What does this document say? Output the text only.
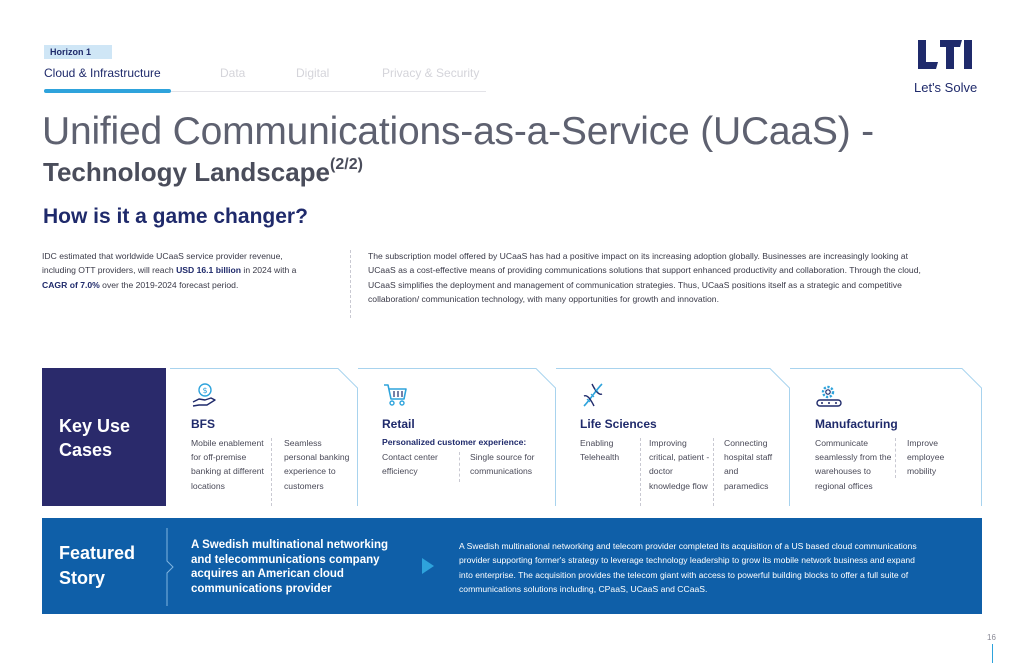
Horizon 1
Cloud & Infrastructure	Data	Digital	Privacy & Security
Let's Solve
Unified Communications-as-a-Service (UCaaS) -
Technology Landscape$^{(2/2)}$
How is it a game changer?
IDC estimated that worldwide UCaaS service provider revenue, including OTT providers, will reach USD 16.1 billion in 2024 with a CAGR of 7.0% over the 2019-2024 forecast period.
The subscription model offered by UCaaS has had a positive impact on its increasing adoption globally. Businesses are increasingly looking at UCaaS as a cost-effective means of providing communications solutions that support enhanced productivity and collaboration. Through the cloud, UCaaS simplifies the deployment and management of communication strategies. Thus, UCaaS positions itself as a strategic and competitive collaboration/ communication technology, with many opportunities for growth and innovation.
Key Use Cases
$
BFS
Mobile enablement for off-premise banking at different locations
Seamless personal banking experience to customers
Retail
Personalized customer experience:
Contact center efficiency
Single source for communications
Life Sciences
Enabling Telehealth
Improving critical, patient - doctor knowledge flow
Connecting hospital staff and paramedics
Manufacturing
Communicate seamlessly from the warehouses to regional offices
Improve employee mobility
Featured Story
A Swedish multinational networking and telecommunications company acquires an American cloud communications provider
A Swedish multinational networking and telecom provider completed its acquisition of a US based cloud communications provider supporting former's strategy to leverage technology leadership to grow its mobile network business and expand into enterprise. The acquisition provides the telecom giant with access to powerful building blocks to offer a full suite of communications solutions including, CPaaS, UCaaS and CCaaS.
16
